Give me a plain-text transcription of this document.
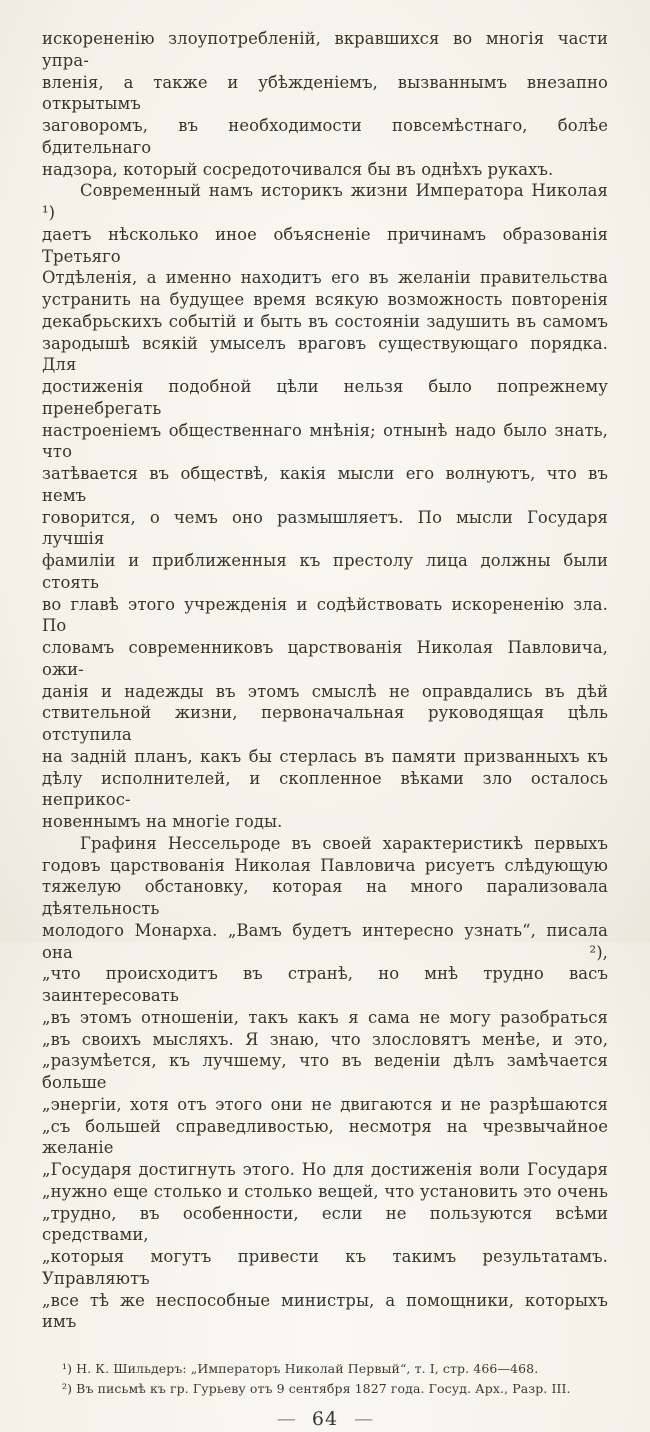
искорененію злоупотребленій, вкравшихся во многія части упра-
вленія, а также и убѣжденіемъ, вызваннымъ внезапно открытымъ
заговоромъ, въ необходимости повсемѣстнаго, болѣе бдительнаго
надзора, который сосредоточивался бы въ однѣхъ рукахъ.
Современный намъ историкъ жизни Императора Николая ¹)
даетъ нѣсколько иное объясненіе причинамъ образованія Третьяго
Отдѣленія, а именно находитъ его въ желаніи правительства
устранить на будущее время всякую возможность повторенія
декабрьскихъ событій и быть въ состояніи задушить въ самомъ
зародышѣ всякій умыселъ враговъ существующаго порядка. Для
достиженія подобной цѣли нельзя было попрежнему пренебрегать
настроеніемъ общественнаго мнѣнія; отнынѣ надо было знать, что
затѣвается въ обществѣ, какія мысли его волнуютъ, что въ немъ
говорится, о чемъ оно размышляетъ. По мысли Государя лучшія
фамиліи и приближенныя къ престолу лица должны были стоять
во главѣ этого учрежденія и содѣйствовать искорененію зла. По
словамъ современниковъ царствованія Николая Павловича, ожи-
данія и надежды въ этомъ смыслѣ не оправдались въ дѣй
ствительной жизни, первоначальная руководящая цѣль отступила
на задній планъ, какъ бы стерлась въ памяти призванныхъ къ
дѣлу исполнителей, и скопленное вѣками зло осталось неприкос-
новеннымъ на многіе годы.
Графиня Нессельроде въ своей характеристикѣ первыхъ
годовъ царствованія Николая Павловича рисуетъ слѣдующую
тяжелую обстановку, которая на много парализовала дѣятельность
молодого Монарха. „Вамъ будетъ интересно узнать“, писала она ²),
„что происходитъ въ странѣ, но мнѣ трудно васъ заинтересовать
„въ этомъ отношеніи, такъ какъ я сама не могу разобраться
„въ своихъ мысляхъ. Я знаю, что злословятъ менѣе, и это,
„разумѣется, къ лучшему, что въ веденіи дѣлъ замѣчается больше
„энергіи, хотя отъ этого они не двигаются и не разрѣшаются
„съ большей справедливостью, несмотря на чрезвычайное желаніе
„Государя достигнуть этого. Но для достиженія воли Государя
„нужно еще столько и столько вещей, что установить это очень
„трудно, въ особенности, если не пользуются всѣми средствами,
„которыя могутъ привести къ такимъ результатамъ. Управляютъ
„все тѣ же неспособные министры, а помощники, которыхъ имъ
¹) Н. К. Шильдеръ: „Императоръ Николай Первый“, т. I, стр. 466—468.
²) Въ письмѣ къ гр. Гурьеву отъ 9 сентября 1827 года. Госуд. Арх., Разр. III.
— 64 —
